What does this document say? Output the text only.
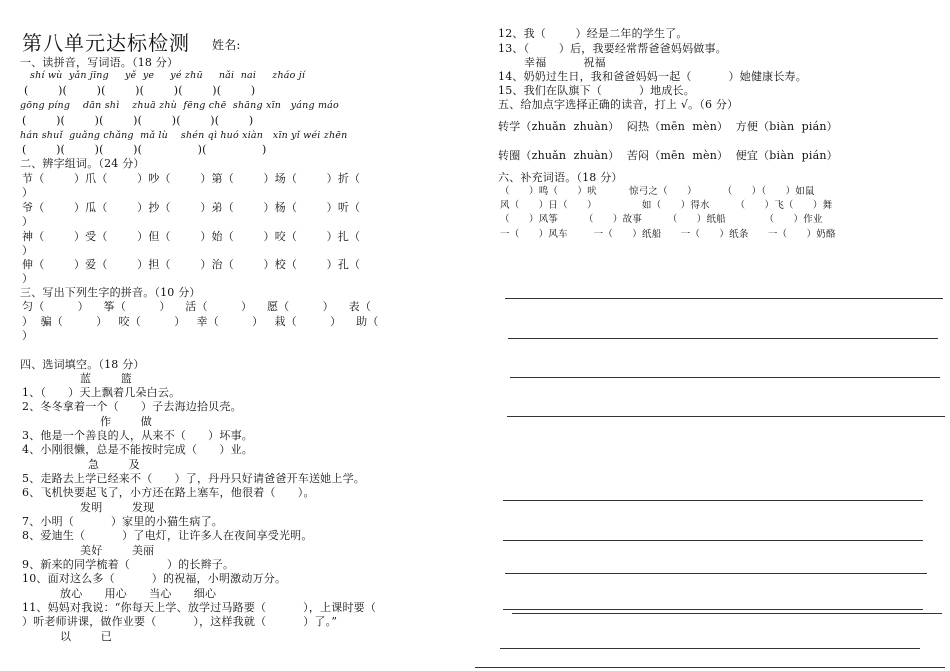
第八单元达标检测 姓名:
一、读拼音，写词语。（18 分）
shí wù  yǎn jīng     yě  ye     yé zhū     nǎi  nai     zháo jí
(        )(        )(        )(        )(        )(        )
gōng píng    dān shì    zhuā zhù  fēng chē  shāng xīn   yáng máo
(        )(        )(        )(        )(        )(        )
hán shuǐ  guǎng chǎng  mǎ lù    shén qì huó xiàn   xīn yǐ wéi zhēn
(        )(        )(        )(               )(               )
二、辨字组词。（24 分）
节（        ）爪（        ）吵（        ）第（        ）场（        ）折（
）
爷（        ）瓜（        ）抄（        ）弟（        ）杨（        ）听（
）
神（        ）受（        ）但（        ）始（        ）咬（        ）扎（
）
伸（        ）爱（        ）担（        ）治（        ）校（        ）孔（
）
三、写出下列生字的拼音。（10 分）
匀（         ）    筝（         ）    活（         ）    愿（         ）    表（
）  骗（         ）   咬（         ）   幸（         ）   栽（         ）    助（
）
四、选词填空。（18 分）
蓝        篮
1、（      ）天上飘着几朵白云。
2、冬冬拿着一个（      ）子去海边拾贝壳。
作        做
3、他是一个善良的人，从来不（      ）坏事。
4、小刚很懒，总是不能按时完成（      ）业。
急        及
5、走路去上学已经来不（      ）了，丹丹只好请爸爸开车送她上学。
6、飞机快要起飞了，小方还在路上塞车，他很着（      ）。
发明        发现
7、小明（          ）家里的小猫生病了。
8、爱迪生（          ）了电灯，让许多人在夜间享受光明。
美好        美丽
9、新来的同学梳着（          ）的长辫子。
10、面对这么多（          ）的祝福，小明激动万分。
放心      用心      当心      细心
11、妈妈对我说：“你每天上学、放学过马路要（          ），上课时要（
）听老师讲课，做作业要（          ），这样我就（          ）了。”
以        已
12、我（        ）经是二年的学生了。
13、（        ）后，我要经常帮爸爸妈妈做事。
幸福          祝福
14、奶奶过生日，我和爸爸妈妈一起（          ）她健康长寿。
15、我们在队旗下（          ）地成长。
五、给加点字选择正确的读音，打上 √。（6 分）
转学（zhuǎn  zhuàn）  闷热（mēn  mèn）  方便（biàn  pián）
转圈（zhuǎn  zhuàn）  苦闷（mēn  mèn）  便宜（biàn  pián）
六、补充词语。（18 分）
（      ）鸣（      ）吠          惊弓之（      ）        （      ）（      ）如鼠
风（      ）日（      ）              如（      ）得水        （      ）飞（      ）舞
（      ）风筝        （      ）故事        （      ）纸船            （      ）作业
一（      ）风车        一（      ）纸船      一（      ）纸条      一（      ）奶酪
